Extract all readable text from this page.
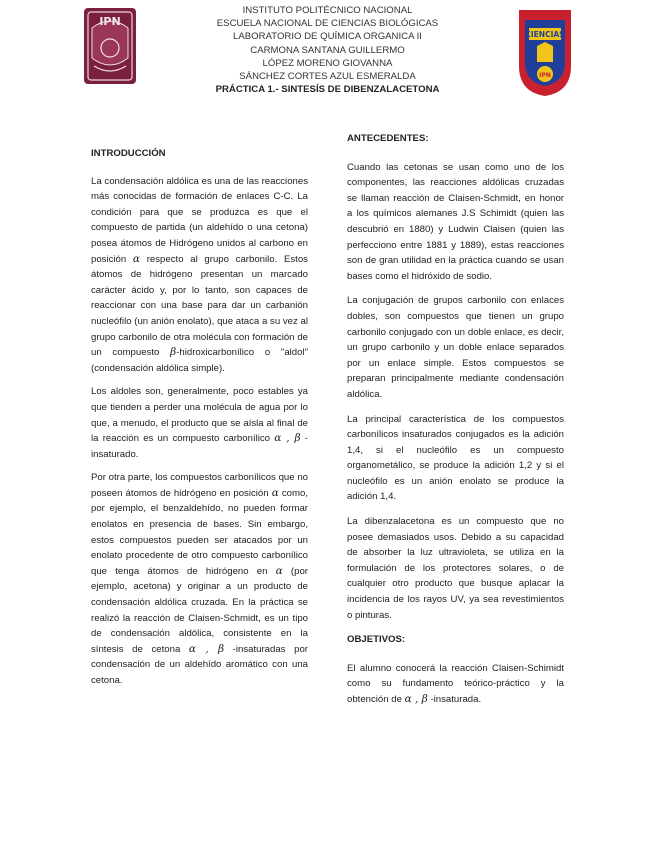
IPN
CIENCIAS
IPN
INSTITUTO POLITÉCNICO NACIONAL
ESCUELA NACIONAL DE CIENCIAS BIOLÓGICAS
LABORATORIO DE QUÍMICA ORGANICA II
CARMONA SANTANA GUILLERMO
LÓPEZ MORENO GIOVANNA
SÁNCHEZ CORTES AZUL ESMERALDA
PRÁCTICA 1.- SINTESÍS DE DIBENZALACETONA
INTRODUCCIÓN

La condensación aldólica es una de las reacciones más conocidas de formación de enlaces C-C. La condición para que se produzca es que el compuesto de partida (un aldehído o una cetona) posea átomos de Hidrógeno unidos al carbono en posición α respecto al grupo carbonilo. Estos átomos de hidrógeno presentan un marcado carácter ácido y, por lo tanto, son capaces de reaccionar con una base para dar un carbanión nucleófilo (un anión enolato), que ataca a su vez al grupo carbonilo de otra molécula con formación de un compuesto β-hidroxicarbonílico o "aldol" (condensación aldólica simple).

Los aldoles son, generalmente, poco estables ya que tienden a perder una molécula de agua por lo que, a menudo, el producto que se aísla al final de la reacción es un compuesto carbonílico α , β -insaturado.

Por otra parte, los compuestos carbonílicos que no poseen átomos de hidrógeno en posición α como, por ejemplo, el benzaldehído, no pueden formar enolatos en presencia de bases. Sin embargo, estos compuestos pueden ser atacados por un enolato procedente de otro compuesto carbonílico que tenga átomos de hidrógeno en α (por ejemplo, acetona) y originar a un producto de condensación aldólica cruzada. En la práctica se realizó la reacción de Claisen-Schmidt, es un tipo de condensación aldólica, consistente en la síntesis de cetona α , β -insaturadas por condensación de un aldehído aromático con una cetona.

ANTECEDENTES:

Cuando las cetonas se usan como uno de los componentes, las reacciones aldólicas cruzadas se llaman reacción de Claisen-Schmidt, en honor a los químicos alemanes J.S Schimidt (quien las descubrió en 1880) y Ludwin Claisen (quien las perfecciono entre 1881 y 1889), estas reacciones son de gran utilidad en la práctica cuando se usan bases como el hidróxido de sodio.

La conjugación de grupos carbonilo con enlaces dobles, son compuestos que tienen un grupo carbonilo conjugado con un doble enlace, es decir, un grupo carbonilo y un doble enlace separados por un enlace simple. Estos compuestos se preparan principalmente mediante condensación aldólica.

La principal característica de los compuestos carbonílicos insaturados conjugados es la adición 1,4, si el nucleófilo es un compuesto organometálico, se produce la adición 1,2 y si el nucleófilo es un anión enolato se produce la adición 1,4.

La dibenzalacetona es un compuesto que no posee demasiados usos. Debido a su capacidad de absorber la luz ultravioleta, se utiliza en la formulación de los protectores solares, o de cualquier otro producto que busque aplacar la incidencia de los rayos UV, ya sea revestimientos o pinturas.

OBJETIVOS:

El alumno conocerá la reacción Claisen-Schimidt como su fundamento teórico-práctico y la obtención de α , β -insaturada.
